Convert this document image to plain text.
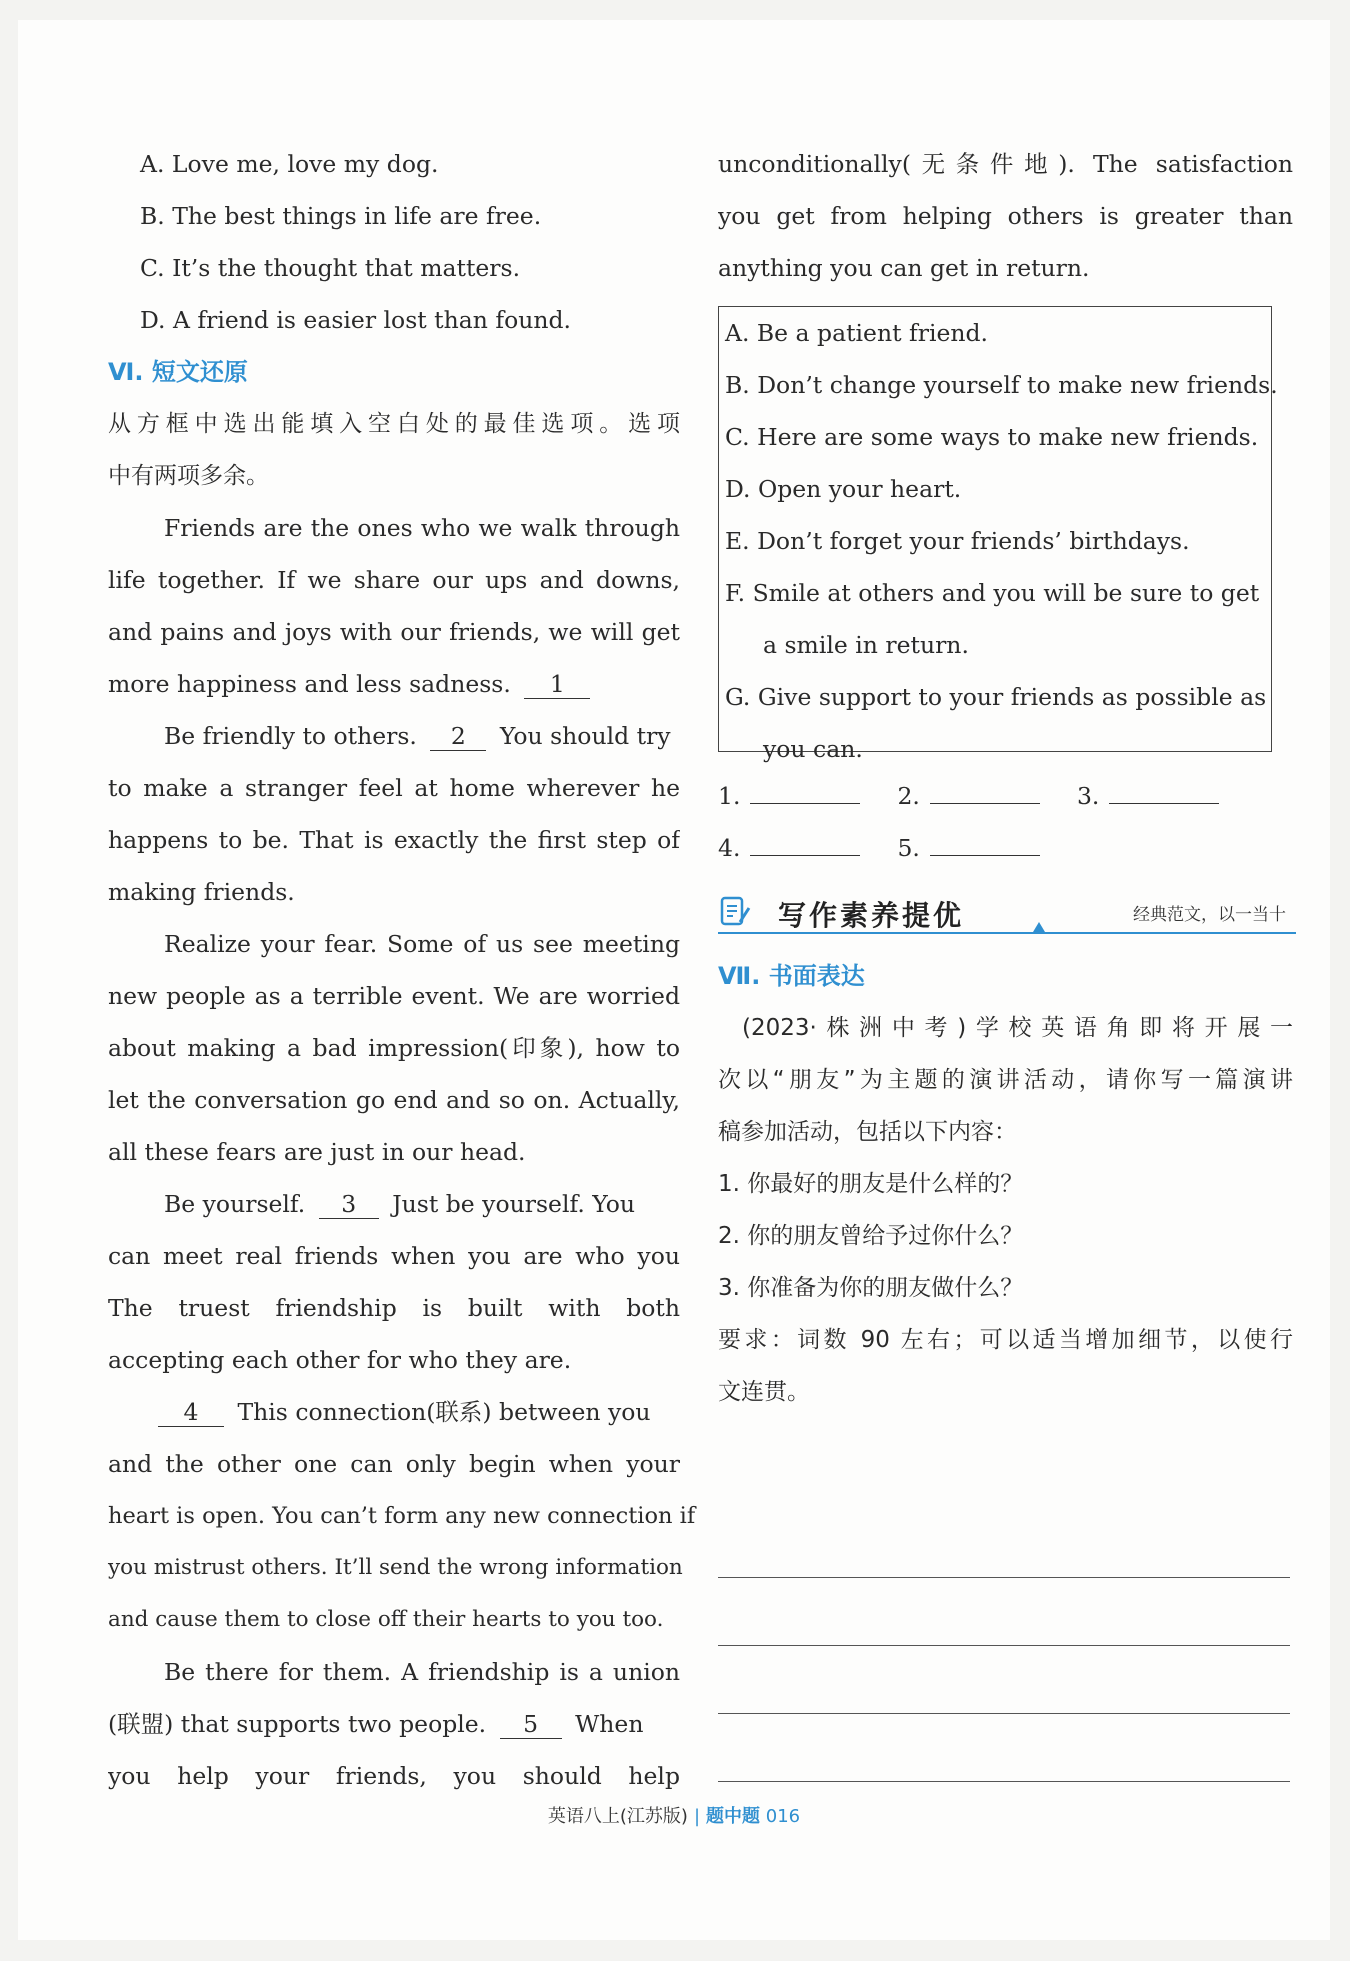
A. Love me, love my dog.
B. The best things in life are free.
C. It’s the thought that matters.
D. A friend is easier lost than found.
Ⅵ. 短文还原
从方框中选出能填入空白处的最佳选项。选项
中有两项多余。
Friends are the ones who we walk through
life together. If we share our ups and downs,
and pains and joys with our friends, we will get
more happiness and less sadness. 1
Be friendly to others. 2 You should try
to make a stranger feel at home wherever he
happens to be. That is exactly the first step of
making friends.
Realize your fear. Some of us see meeting
new people as a terrible event. We are worried
about making a bad impression(印象), how to
let the conversation go end and so on. Actually,
all these fears are just in our head.
Be yourself. 3 Just be yourself. You
can meet real friends when you are who you
The truest friendship is built with both
accepting each other for who they are.
4 This connection(联系) between you
and the other one can only begin when your
heart is open. You can’t form any new connection if
you mistrust others. It’ll send the wrong information
and cause them to close off their hearts to you too.
Be there for them. A friendship is a union
(联盟) that supports two people. 5 When
you help your friends, you should help
unconditionally(无条件地). The satisfaction
you get from helping others is greater than
anything you can get in return.
A. Be a patient friend.
B. Don’t change yourself to make new friends.
C. Here are some ways to make new friends.
D. Open your heart.
E. Don’t forget your friends’ birthdays.
F. Smile at others and you will be sure to get
a smile in return.
G. Give support to your friends as possible as
you can.
1.	2.	3.
4.	5.
写作素养提优	经典范文，以一当十
Ⅶ. 书面表达
(2023·株洲中考)学校英语角即将开展一
次以“朋友”为主题的演讲活动，请你写一篇演讲
稿参加活动，包括以下内容：
1. 你最好的朋友是什么样的？
2. 你的朋友曾给予过你什么？
3. 你准备为你的朋友做什么？
要求：词数 90 左右；可以适当增加细节，以使行
文连贯。
英语八上(江苏版) | 题中题 016
